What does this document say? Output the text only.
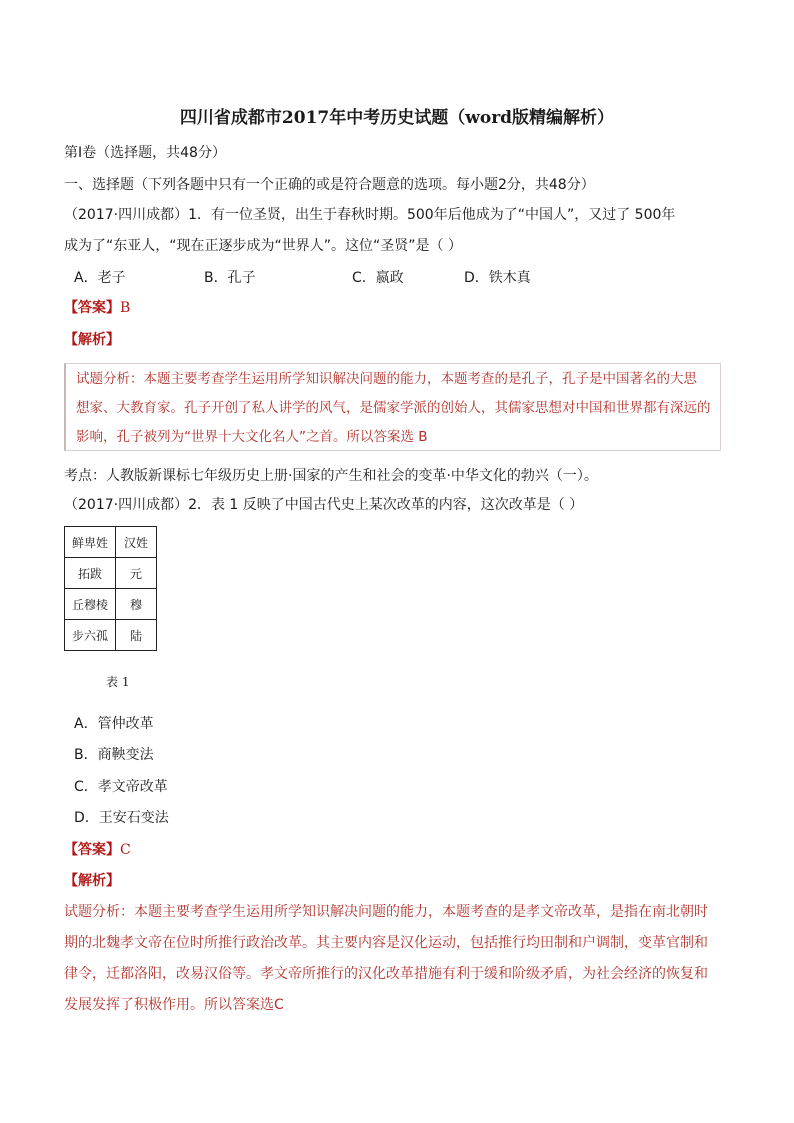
四川省成都市2017年中考历史试题（word版精编解析）
第Ⅰ卷（选择题，共48分）
一、选择题（下列各题中只有一个正确的或是符合题意的选项。每小题2分，共48分）
（2017·四川成都）1．有一位圣贤，出生于春秋时期。500年后他成为了“中国人”，又过了 500年
成为了“东亚人，“现在正逐步成为“世界人”。这位“圣贤”是（ ）
A．老子	B．孔子	C．嬴政	D．铁木真
【答案】B
【解析】
试题分析：本题主要考查学生运用所学知识解决问题的能力，本题考查的是孔子，孔子是中国著名的大思
想家、大教育家。孔子开创了私人讲学的风气，是儒家学派的创始人，其儒家思想对中国和世界都有深远的
影响，孔子被列为“世界十大文化名人”之首。所以答案选 B
考点：人教版新课标七年级历史上册·国家的产生和社会的变革·中华文化的勃兴（一）。
（2017·四川成都）2．表 1 反映了中国古代史上某次改革的内容，这次改革是（ ）
鲜卑姓	汉姓
拓跋	元
丘穆棱	穆
步六孤	陆
表 1
A．管仲改革
B．商鞅变法
C．孝文帝改革
D．王安石变法
【答案】C
【解析】
试题分析：本题主要考查学生运用所学知识解决问题的能力，本题考查的是孝文帝改革，是指在南北朝时
期的北魏孝文帝在位时所推行政治改革。其主要内容是汉化运动，包括推行均田制和户调制，变革官制和
律令，迁都洛阳，改易汉俗等。孝文帝所推行的汉化改革措施有利于缓和阶级矛盾，为社会经济的恢复和
发展发挥了积极作用。所以答案选C
